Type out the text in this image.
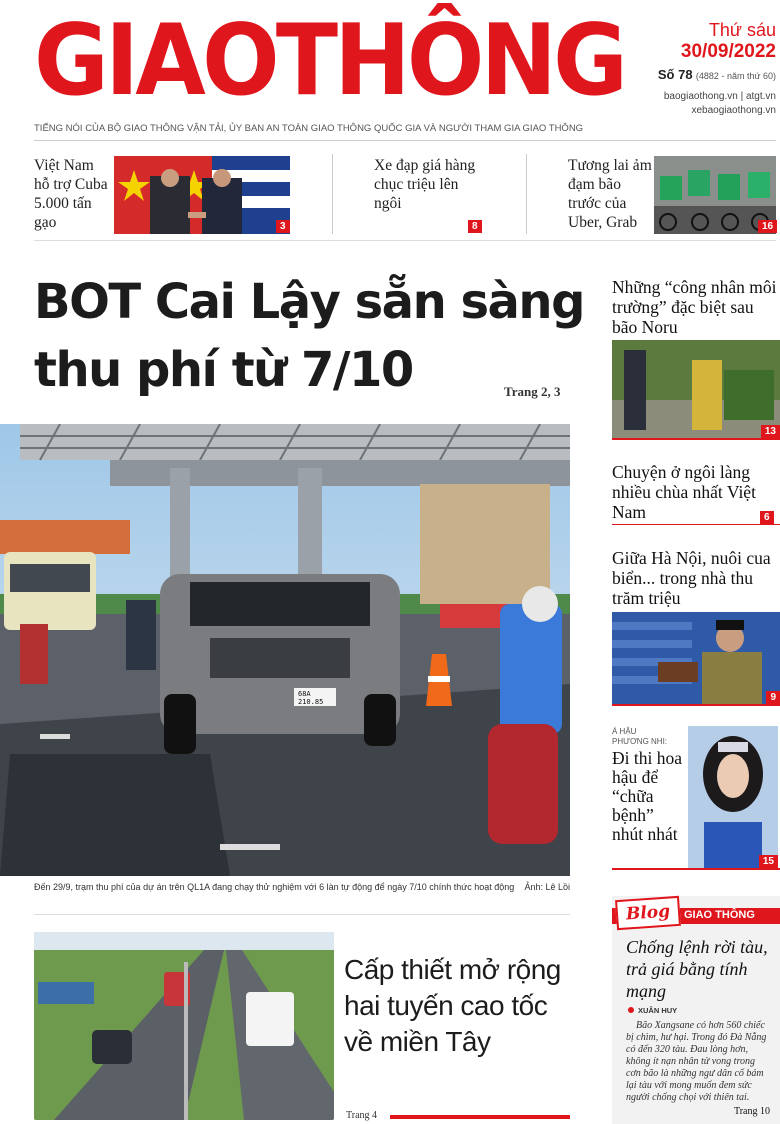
GIAOTHÔNG
TIẾNG NÓI CỦA BỘ GIAO THÔNG VẬN TẢI, ỦY BAN AN TOÀN GIAO THÔNG QUỐC GIA VÀ NGƯỜI THAM GIA GIAO THÔNG
Thứ sáu
30/09/2022
Số 78 (4882 - năm thứ 60)
baogiaothong.vn | atgt.vn
xebaogiaothong.vn
Việt Nam hỗ trợ Cuba 5.000 tấn gạo	3
Xe đạp giá hàng chục triệu lên ngôi
8
Tương lai ảm đạm bão trước của Uber, Grab	16
BOT Cai Lậy sẵn sàng
thu phí từ 7/10	Trang 2, 3
68A
210.85
Đến 29/9, trạm thu phí của dự án trên QL1A đang chạy thử nghiệm với 6 làn tự động để ngày 7/10 chính thức hoạt động Ảnh: Lê Lồi
Cấp thiết mở rộng hai tuyến cao tốc về miền Tây
Trang 4
Những “công nhân môi trường” đặc biệt sau bão Noru
13
Chuyện ở ngôi làng nhiều chùa nhất Việt Nam	6
Giữa Hà Nội, nuôi cua biển... trong nhà thu trăm triệu
9
Á HẬU
PHƯƠNG NHI:
Đi thi hoa hậu để “chữa bệnh” nhút nhát
15
Blog	GIAO THÔNG
Chống lệnh rời tàu, trả giá bằng tính mạng
XUÂN HUY
Bão Xangsane có hơn 560 chiếc bị chìm, hư hại. Trong đó Đà Nẵng có đến 320 tàu. Đau lòng hơn, không ít nạn nhân tử vong trong cơn bão là những ngư dân cố bám lại tàu với mong muốn đem sức người chống chọi với thiên tai.
Trang 10
